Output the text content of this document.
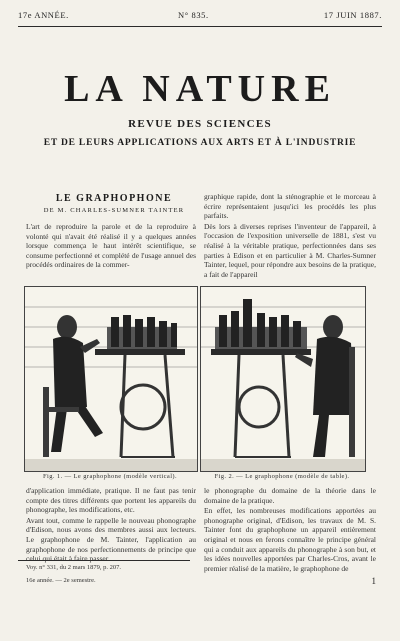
17e ANNÉE.	N° 835.	17 JUIN 1887.
LA NATURE
REVUE DES SCIENCES
ET DE LEURS APPLICATIONS AUX ARTS ET À L'INDUSTRIE
LE GRAPHOPHONE
DE M. CHARLES-SUMNER TAINTER

L'art de reproduire la parole et de la reproduire à volonté qui n'avait été réalisé il y a quelques années lorsque commença le haut intérêt scientifique, se consume perfectionné et complété de l'usage annuel des procédés ordinaires de la commer-

graphique rapide, dont la sténographie et le morceau à écrire représentaient jusqu'ici les procédés les plus parfaits.

Dès lors à diverses reprises l'inventeur de l'appareil, à l'occasion de l'exposition universelle de 1881, s'est vu réalisé à la véritable pratique, perfectionnées dans ses parties à Edison et en particulier à M. Charles-Sumner Tainter, lequel, pour répondre aux besoins de la pratique, a fait de l'appareil

Fig. 1. — Le graphophone (modèle vertical).	Fig. 2. — Le graphophone (modèle de table).

d'application immédiate, pratique. Il ne faut pas tenir compte des titres différents que portent les appareils du phonographe, les modifications, etc.

Avant tout, comme le rappelle le nouveau phonographe d'Edison, nous avons des membres aussi aux lecteurs. Le graphophone de M. Tainter, l'application au graphophone de nos perfectionnements de principe que celui qui était à faire passer

le phonographe du domaine de la théorie dans le domaine de la pratique.

En effet, les nombreuses modifications apportées au phonographe original, d'Edison, les travaux de M. S. Tainter font du graphophone un appareil entièrement original et nous en ferons connaître le principe général qui a conduit aux appareils du phonographe à son but, et les idées nouvelles apportées par Charles-Cros, avant le premier réalisé de la matière, le graphophone de

Voy. n° 331, du 2 mars 1879, p. 207.
16e année. — 2e semestre.	1
